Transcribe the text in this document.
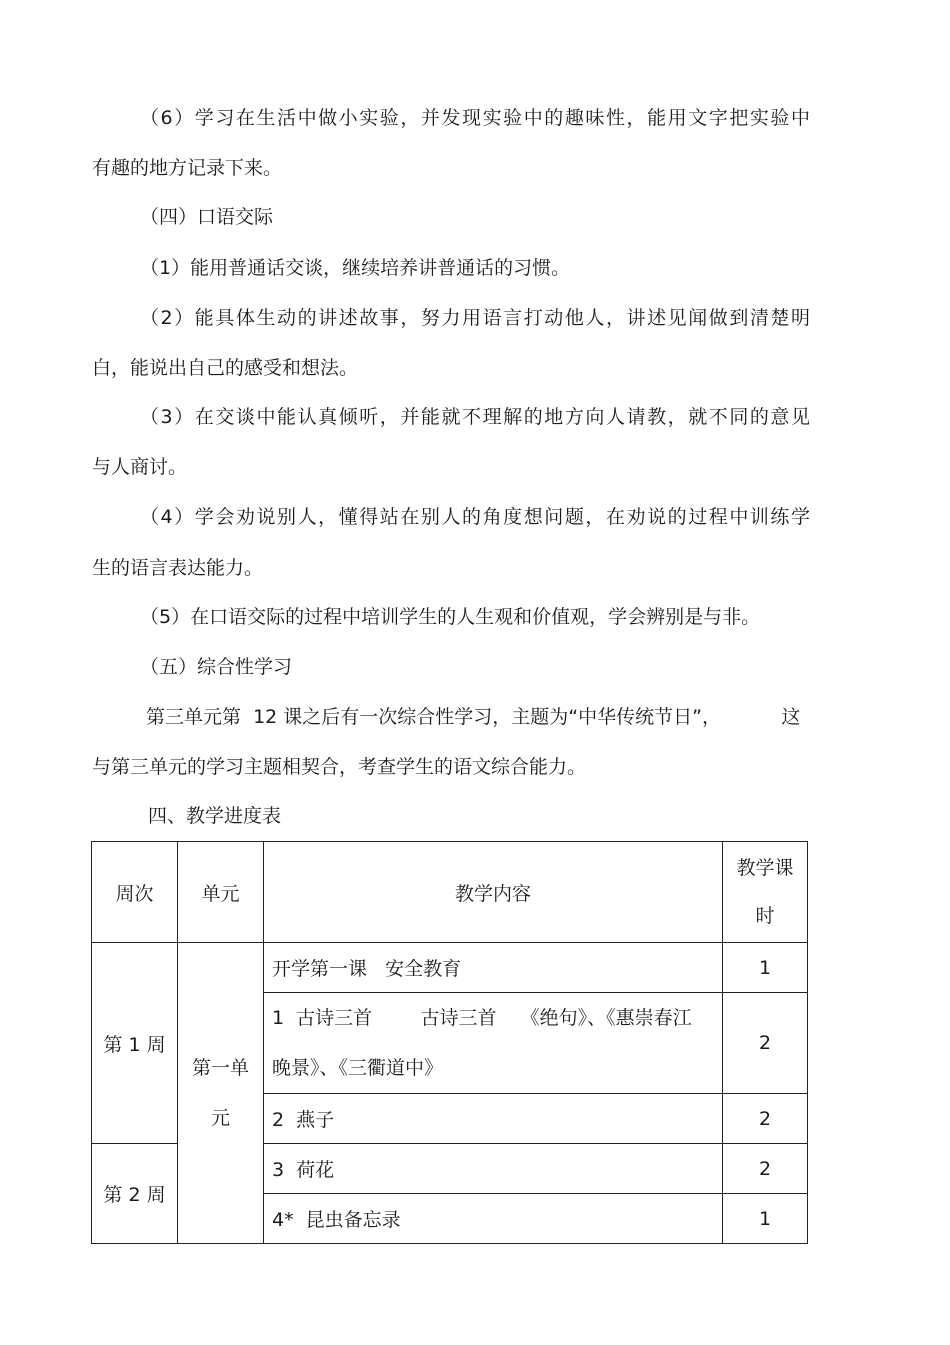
（6）学习在生活中做小实验，并发现实验中的趣味性，能用文字把实验中
有趣的地方记录下来。
（四）口语交际
（1）能用普通话交谈，继续培养讲普通话的习惯。
（2）能具体生动的讲述故事，努力用语言打动他人，讲述见闻做到清楚明
白，能说出自己的感受和想法。
（3）在交谈中能认真倾听，并能就不理解的地方向人请教，就不同的意见
与人商讨。
（4）学会劝说别人，懂得站在别人的角度想问题，在劝说的过程中训练学
生的语言表达能力。
（5）在口语交际的过程中培训学生的人生观和价值观，学会辨别是与非。
（五）综合性学习
第三单元第  12 课之后有一次综合性学习，主题为“中华传统节日”，          这
与第三单元的学习主题相契合，考查学生的语文综合能力。
四、教学进度表
周次	单元	教学内容	教学课时
第 1 周	第一单元	开学第一课   安全教育	1
		1  古诗三首        古诗三首    《绝句》、《惠崇春江晚景》、《三衢道中》	2
		2  燕子	2
第 2 周		3  荷花	2
		4*  昆虫备忘录	1
